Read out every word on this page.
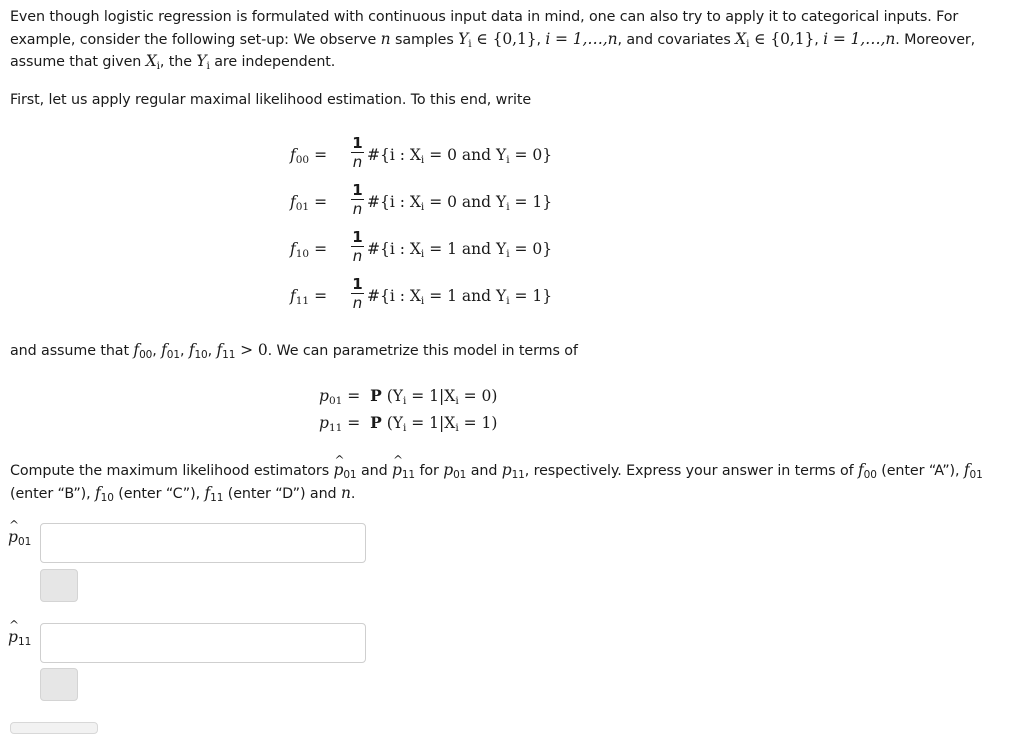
Even though logistic regression is formulated with continuous input data in mind, one can also try to apply it to categorical inputs. For example, consider the following set-up: We observe n samples $Y_i$ ∈ {0,1}, i = 1,…,n, and covariates $X_i$ ∈ {0,1}, i = 1,…,n. Moreover, assume that given $X_i$, the $Y_i$ are independent.
First, let us apply regular maximal likelihood estimation. To this end, write
$f_{00}$ =
1
n #{i : $X_i = 0$ and $Y_i = 0$}
$f_{01}$ =
1
n #{i : $X_i = 0$ and $Y_i = 1$}
$f_{10}$ =
1
n #{i : $X_i = 1$ and $Y_i = 0$}
$f_{11}$ =
1
n #{i : $X_i = 1$ and $Y_i = 1$}
and assume that $f_{00}$, $f_{01}$, $f_{10}$, $f_{11} > 0$. We can parametrize this model in terms of
$p_{01} = P$ $(Y_i = 1|X_i = 0)$
$p_{11} = P$ $(Y_i = 1|X_i = 1)$
Compute the maximum likelihood estimators ^ $p_{01}$ and ^ $p_{11}$ for $p_{01}$ and $p_{11}$, respectively. Express your answer in terms of $f_{00}$ (enter “A”), $f_{01}$ (enter “B”), $f_{10}$ (enter “C”), $f_{11}$ (enter “D”) and n.
^ $p_{01}$
^ $p_{11}$
